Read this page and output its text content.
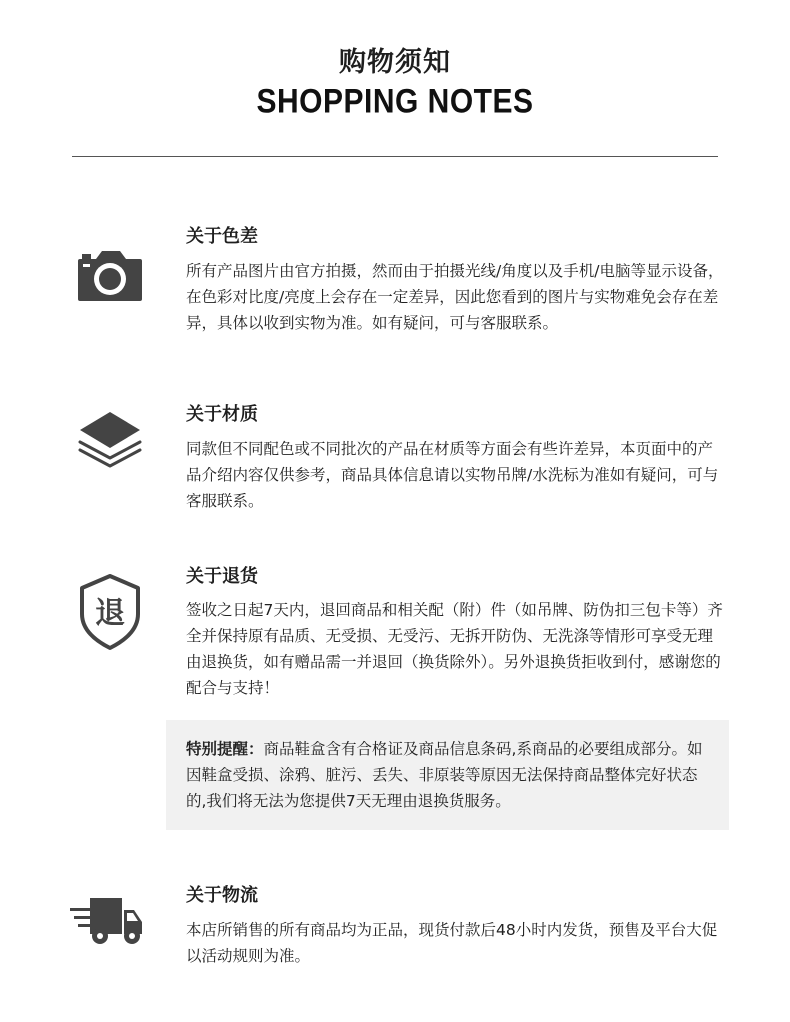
购物须知
SHOPPING NOTES
关于色差
所有产品图片由官方拍摄，然而由于拍摄光线/角度以及手机/电脑等显示设备，在色彩对比度/亮度上会存在一定差异，因此您看到的图片与实物难免会存在差异，具体以收到实物为准。如有疑问，可与客服联系。
关于材质
同款但不同配色或不同批次的产品在材质等方面会有些许差异，本页面中的产品介绍内容仅供参考，商品具体信息请以实物吊牌/水洗标为准如有疑问，可与客服联系。
退
关于退货
签收之日起7天内，退回商品和相关配（附）件（如吊牌、防伪扣三包卡等）齐全并保持原有品质、无受损、无受污、无拆开防伪、无洗涤等情形可享受无理由退换货，如有赠品需一并退回（换货除外）。另外退换货拒收到付，感谢您的配合与支持！
特别提醒：商品鞋盒含有合格证及商品信息条码,系商品的必要组成部分。如因鞋盒受损、涂鸦、脏污、丢失、非原装等原因无法保持商品整体完好状态的,我们将无法为您提供7天无理由退换货服务。
关于物流
本店所销售的所有商品均为正品，现货付款后48小时内发货，预售及平台大促以活动规则为准。
